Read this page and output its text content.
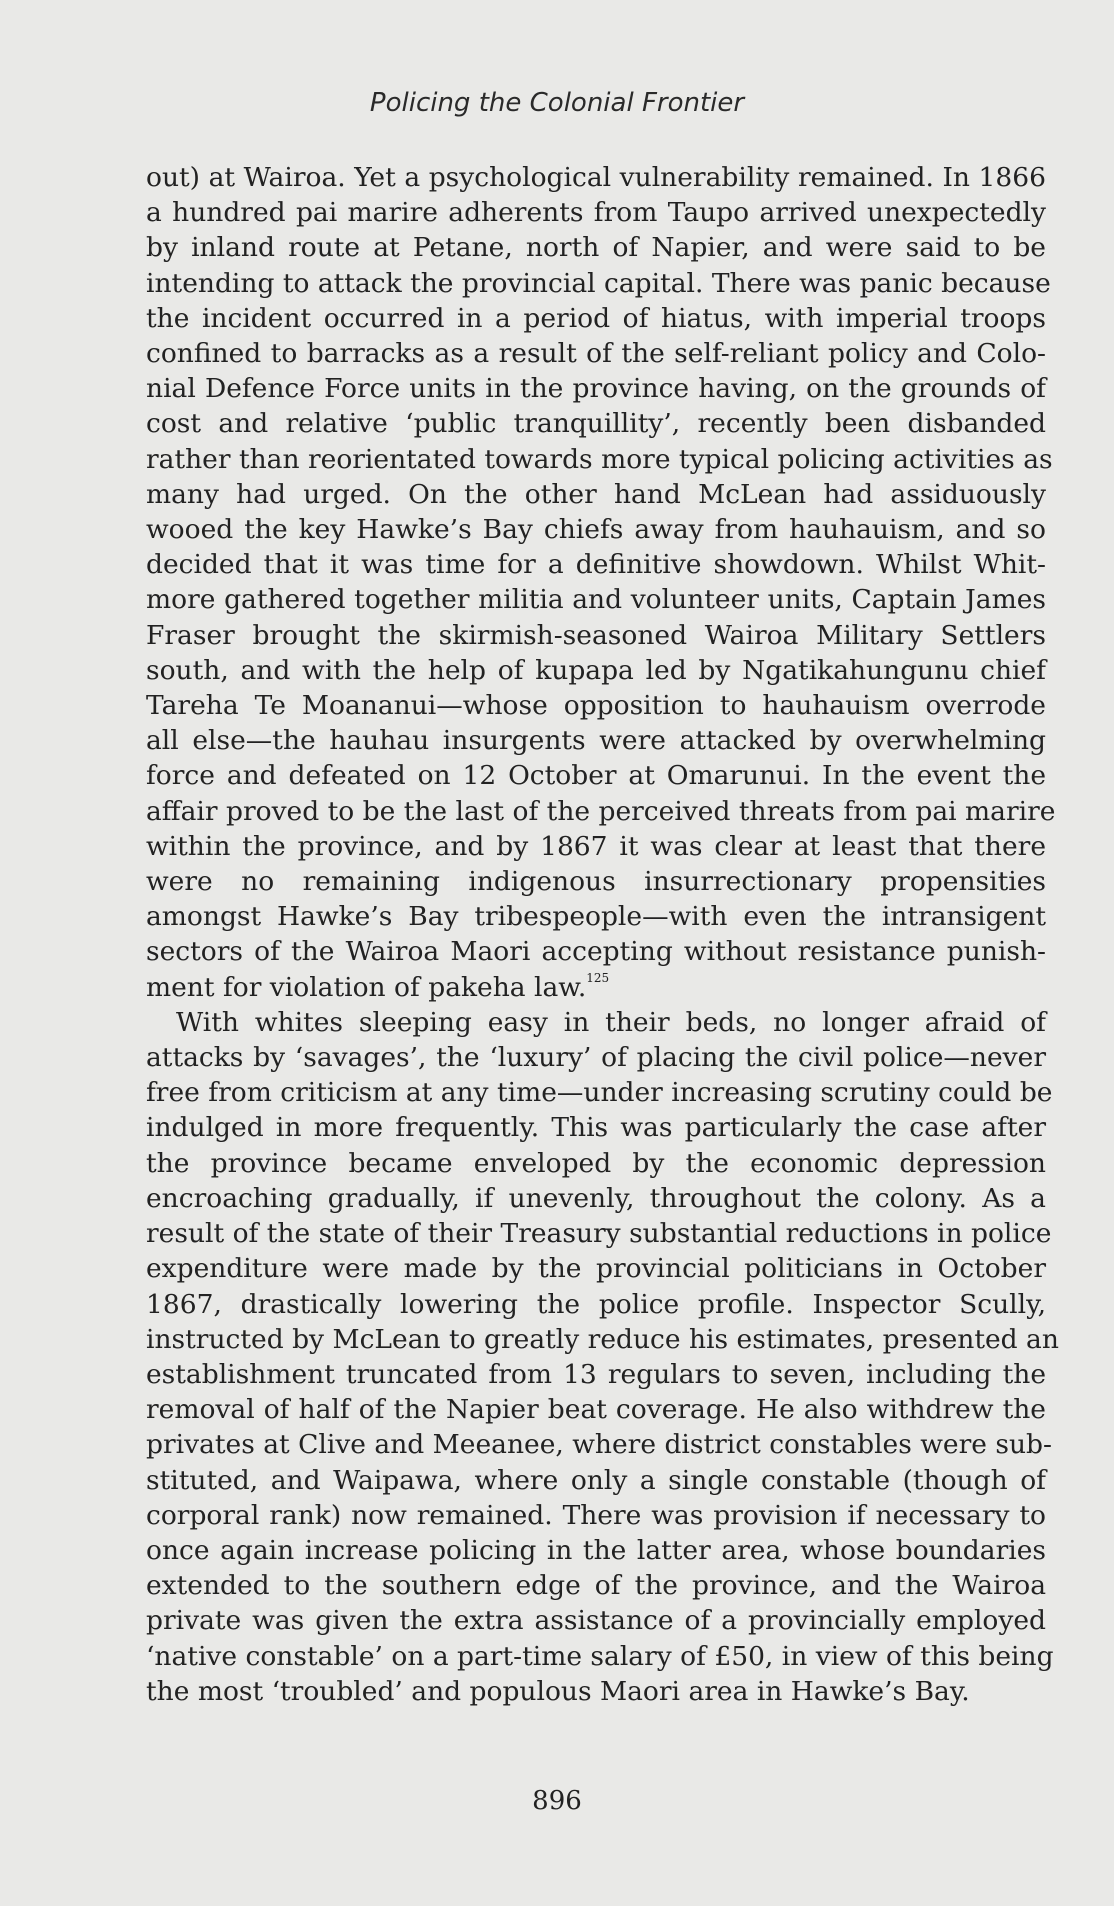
Policing the Colonial Frontier
out) at Wairoa. Yet a psychological vulnerability remained. In 1866
a hundred pai marire adherents from Taupo arrived unexpectedly
by inland route at Petane, north of Napier, and were said to be
intending to attack the provincial capital. There was panic because
the incident occurred in a period of hiatus, with imperial troops
confined to barracks as a result of the self-reliant policy and Colo-
nial Defence Force units in the province having, on the grounds of
cost and relative ‘public tranquillity’, recently been disbanded
rather than reorientated towards more typical policing activities as
many had urged. On the other hand McLean had assiduously
wooed the key Hawke’s Bay chiefs away from hauhauism, and so
decided that it was time for a definitive showdown. Whilst Whit-
more gathered together militia and volunteer units, Captain James
Fraser brought the skirmish-seasoned Wairoa Military Settlers
south, and with the help of kupapa led by Ngatikahungunu chief
Tareha Te Moananui—whose opposition to hauhauism overrode
all else—the hauhau insurgents were attacked by overwhelming
force and defeated on 12 October at Omarunui. In the event the
affair proved to be the last of the perceived threats from pai marire
within the province, and by 1867 it was clear at least that there
were no remaining indigenous insurrectionary propensities
amongst Hawke’s Bay tribespeople—with even the intransigent
sectors of the Wairoa Maori accepting without resistance punish-
ment for violation of pakeha law.$^{125}$
With whites sleeping easy in their beds, no longer afraid of
attacks by ‘savages’, the ‘luxury’ of placing the civil police—never
free from criticism at any time—under increasing scrutiny could be
indulged in more frequently. This was particularly the case after
the province became enveloped by the economic depression
encroaching gradually, if unevenly, throughout the colony. As a
result of the state of their Treasury substantial reductions in police
expenditure were made by the provincial politicians in October
1867, drastically lowering the police profile. Inspector Scully,
instructed by McLean to greatly reduce his estimates, presented an
establishment truncated from 13 regulars to seven, including the
removal of half of the Napier beat coverage. He also withdrew the
privates at Clive and Meeanee, where district constables were sub-
stituted, and Waipawa, where only a single constable (though of
corporal rank) now remained. There was provision if necessary to
once again increase policing in the latter area, whose boundaries
extended to the southern edge of the province, and the Wairoa
private was given the extra assistance of a provincially employed
‘native constable’ on a part-time salary of £50, in view of this being
the most ‘troubled’ and populous Maori area in Hawke’s Bay.
896
